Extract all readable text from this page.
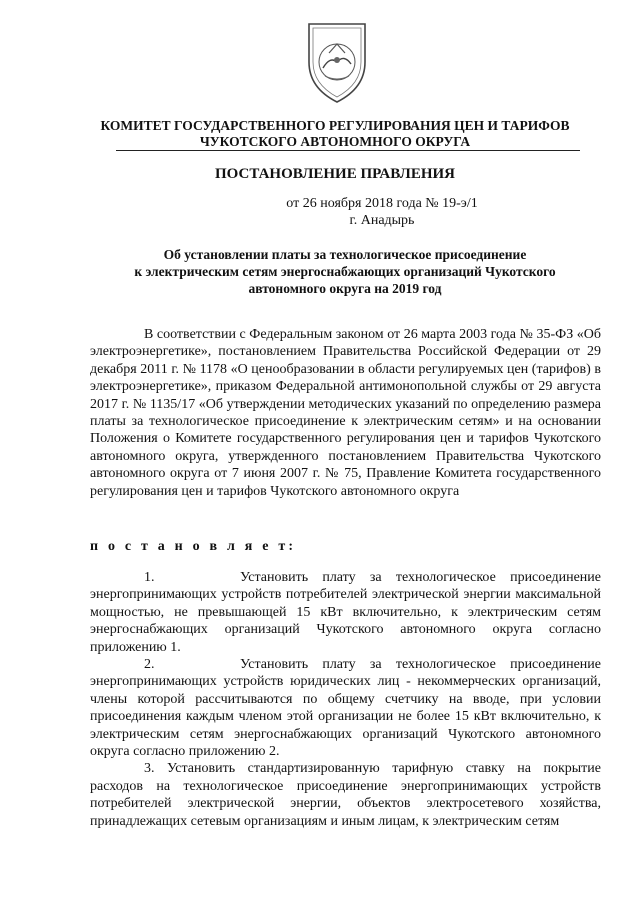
КОМИТЕТ ГОСУДАРСТВЕННОГО РЕГУЛИРОВАНИЯ ЦЕН И ТАРИФОВ
ЧУКОТСКОГО АВТОНОМНОГО ОКРУГА
ПОСТАНОВЛЕНИЕ ПРАВЛЕНИЯ
от 26 ноября 2018 года № 19-э/1
г. Анадырь
Об установлении платы за технологическое присоединение
к электрическим сетям энергоснабжающих организаций Чукотского
автономного округа на 2019 год

В соответствии с Федеральным законом от 26 марта 2003 года № 35-ФЗ «Об электроэнергетике», постановлением Правительства Российской Федерации от 29 декабря 2011 г. № 1178 «О ценообразовании в области регулируемых цен (тарифов) в электроэнергетике», приказом Федеральной антимонопольной службы от 29 августа 2017 г. № 1135/17 «Об утверждении методических указаний по определению размера платы за технологическое присоединение к электрическим сетям» и на основании Положения о Комитете государственного регулирования цен и тарифов Чукотского автономного округа, утвержденного постановлением Правительства Чукотского автономного округа от 7 июня 2007 г. № 75, Правление Комитета государственного регулирования цен и тарифов Чукотского автономного округа

п о с т а н о в л я е т:

1.	Установить плату за технологическое присоединение энергопринимающих устройств потребителей электрической энергии максимальной мощностью, не превышающей 15 кВт включительно, к электрическим сетям энергоснабжающих организаций Чукотского автономного округа согласно приложению 1.

2.	Установить плату за технологическое присоединение энергопринимающих устройств юридических лиц - некоммерческих организаций, члены которой рассчитываются по общему счетчику на вводе, при условии присоединения каждым членом этой организации не более 15 кВт включительно, к электрическим сетям энергоснабжающих организаций Чукотского автономного округа согласно приложению 2.

3. Установить стандартизированную тарифную ставку на покрытие расходов на технологическое присоединение энергопринимающих устройств потребителей электрической энергии, объектов электросетевого хозяйства, принадлежащих сетевым организациям и иным лицам, к электрическим сетям
